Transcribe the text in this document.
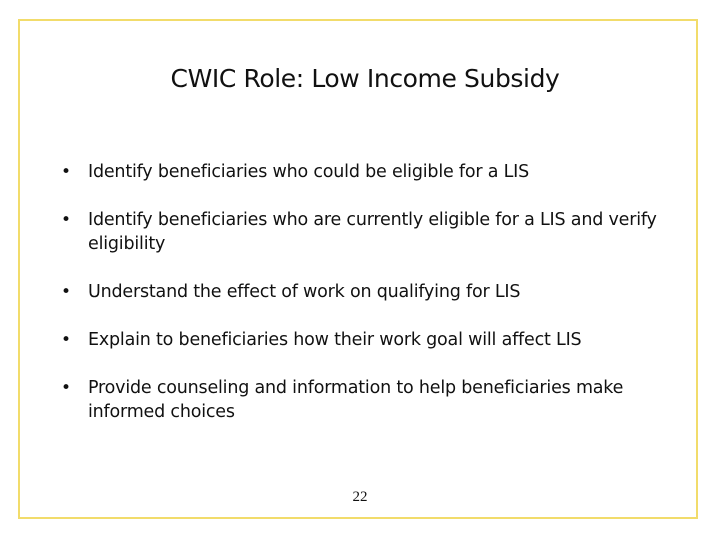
CWIC Role: Low Income Subsidy
• Identify beneficiaries who could be eligible for a LIS
• Identify beneficiaries who are currently eligible for a LIS and verify eligibility
• Understand the effect of work on qualifying for LIS
• Explain to beneficiaries how their work goal will affect LIS
• Provide counseling and information to help beneficiaries make informed choices
22
